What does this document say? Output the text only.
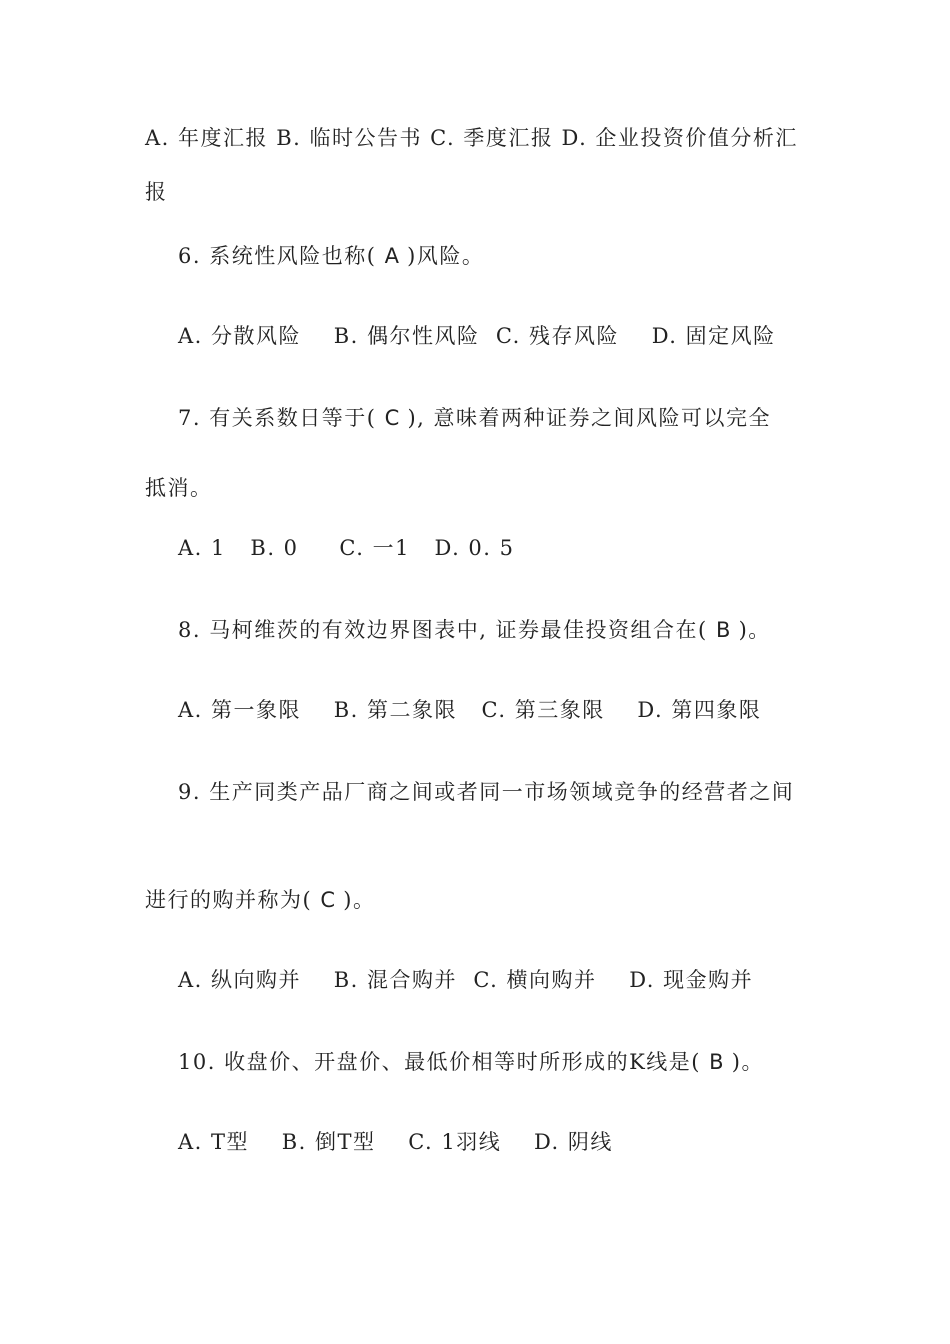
A. 年度汇报 B. 临时公告书 C. 季度汇报 D. 企业投资价值分析汇
报
6. 系统性风险也称( A )风险。
A. 分散风险    B. 偶尔性风险  C. 残存风险    D. 固定风险
7. 有关系数日等于( C ), 意味着两种证券之间风险可以完全
抵消。
A. 1   B. 0     C. 一1   D. 0. 5
8. 马柯维茨的有效边界图表中, 证券最佳投资组合在( B )。
A. 第一象限    B. 第二象限   C. 第三象限    D. 第四象限
9. 生产同类产品厂商之间或者同一市场领域竞争的经营者之间
进行的购并称为( C )。
A. 纵向购并    B. 混合购并  C. 横向购并    D. 现金购并
10. 收盘价、开盘价、最低价相等时所形成的K线是( B )。
A. T型    B. 倒T型    C. 1羽线    D. 阴线
